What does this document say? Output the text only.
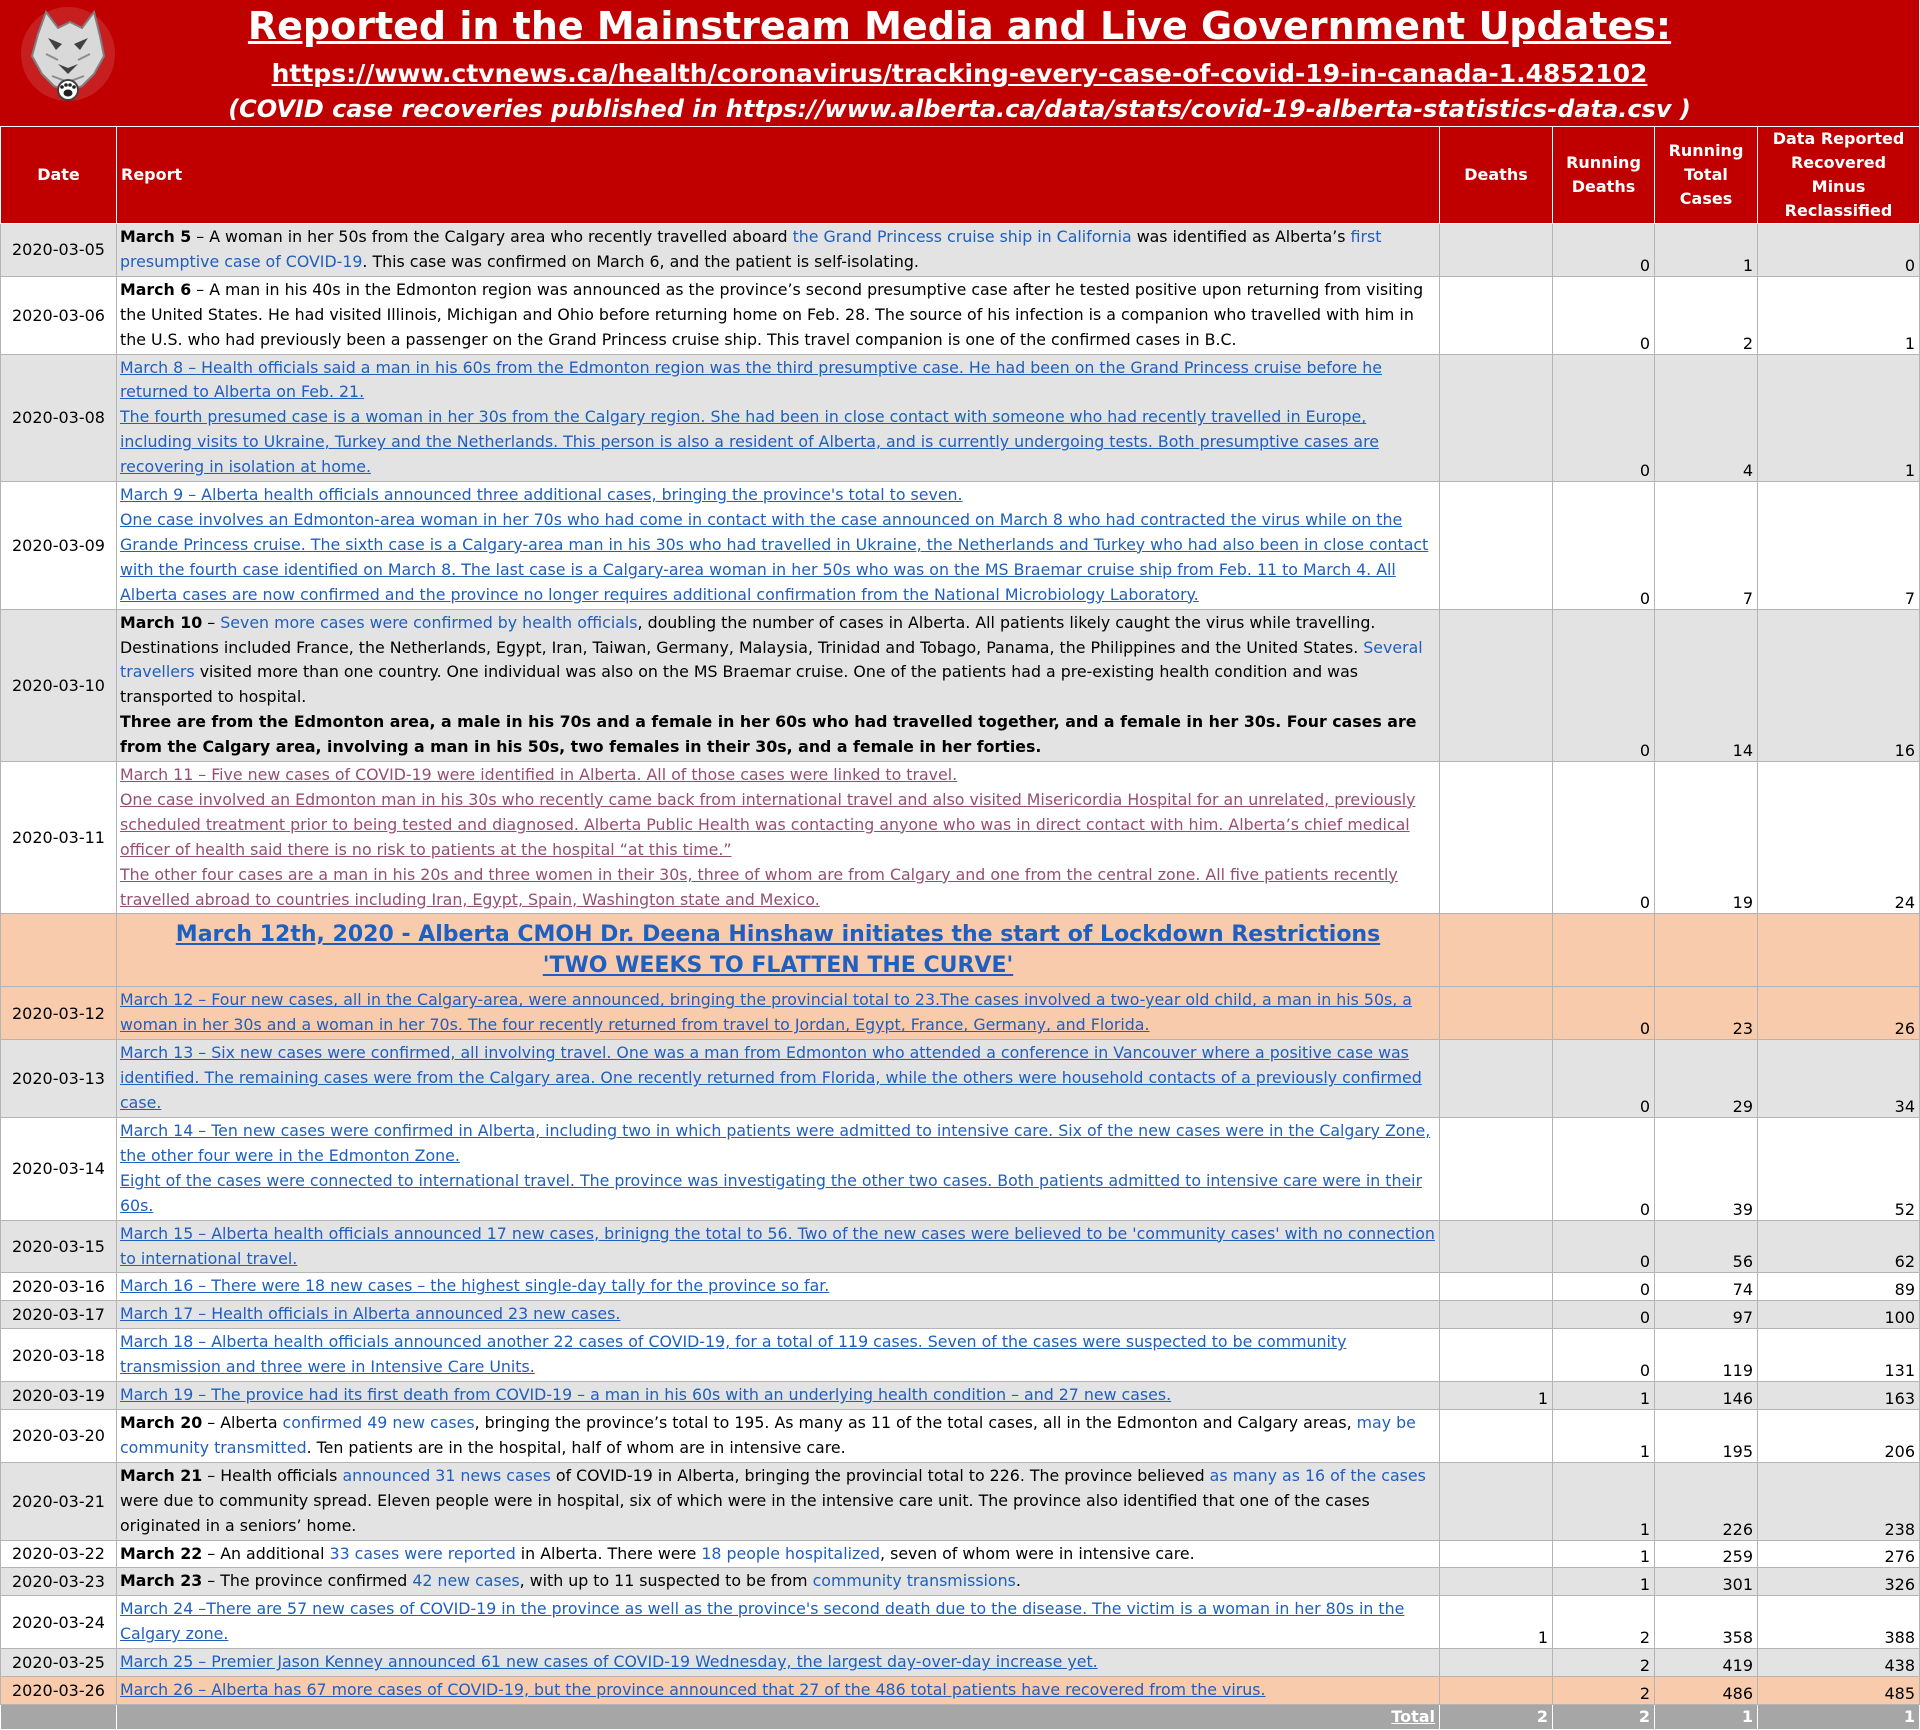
Reported in the Mainstream Media and Live Government Updates:
https://www.ctvnews.ca/health/coronavirus/tracking-every-case-of-covid-19-in-canada-1.4852102
(COVID case recoveries published in https://www.alberta.ca/data/stats/covid-19-alberta-statistics-data.csv )
Date	Report	Deaths	Running Deaths	Running Total Cases	Data Reported Recovered Minus Reclassified
2020-03-05	March 5 – A woman in her 50s from the Calgary area who recently travelled aboard the Grand Princess cruise ship in California was identified as Alberta’s first presumptive case of COVID-19. This case was confirmed on March 6, and the patient is self-isolating.		0	1	0
2020-03-06	March 6 – A man in his 40s in the Edmonton region was announced as the province’s second presumptive case after he tested positive upon returning from visiting the United States. He had visited Illinois, Michigan and Ohio before returning home on Feb. 28. The source of his infection is a companion who travelled with him in the U.S. who had previously been a passenger on the Grand Princess cruise ship. This travel companion is one of the confirmed cases in B.C.		0	2	1
2020-03-08	March 8 – Health officials said a man in his 60s from the Edmonton region was the third presumptive case. He had been on the Grand Princess cruise before he returned to Alberta on Feb. 21.
The fourth presumed case is a woman in her 30s from the Calgary region. She had been in close contact with someone who had recently travelled in Europe, including visits to Ukraine, Turkey and the Netherlands. This person is also a resident of Alberta, and is currently undergoing tests. Both presumptive cases are recovering in isolation at home.		0	4	1
2020-03-09	March 9 – Alberta health officials announced three additional cases, bringing the province's total to seven.
One case involves an Edmonton-area woman in her 70s who had come in contact with the case announced on March 8 who had contracted the virus while on the Grande Princess cruise. The sixth case is a Calgary-area man in his 30s who had travelled in Ukraine, the Netherlands and Turkey who had also been in close contact with the fourth case identified on March 8. The last case is a Calgary-area woman in her 50s who was on the MS Braemar cruise ship from Feb. 11 to March 4. All Alberta cases are now confirmed and the province no longer requires additional confirmation from the National Microbiology Laboratory.		0	7	7
2020-03-10	March 10 – Seven more cases were confirmed by health officials, doubling the number of cases in Alberta. All patients likely caught the virus while travelling. Destinations included France, the Netherlands, Egypt, Iran, Taiwan, Germany, Malaysia, Trinidad and Tobago, Panama, the Philippines and the United States. Several travellers visited more than one country. One individual was also on the MS Braemar cruise. One of the patients had a pre-existing health condition and was transported to hospital.
Three are from the Edmonton area, a male in his 70s and a female in her 60s who had travelled together, and a female in her 30s. Four cases are from the Calgary area, involving a man in his 50s, two females in their 30s, and a female in her forties.		0	14	16
2020-03-11	March 11 – Five new cases of COVID-19 were identified in Alberta. All of those cases were linked to travel.
One case involved an Edmonton man in his 30s who recently came back from international travel and also visited Misericordia Hospital for an unrelated, previously scheduled treatment prior to being tested and diagnosed. Alberta Public Health was contacting anyone who was in direct contact with him. Alberta’s chief medical officer of health said there is no risk to patients at the hospital “at this time.”
The other four cases are a man in his 20s and three women in their 30s, three of whom are from Calgary and one from the central zone. All five patients recently travelled abroad to countries including Iran, Egypt, Spain, Washington state and Mexico.		0	19	24

	March 12th, 2020 - Alberta CMOH Dr. Deena Hinshaw initiates the start of Lockdown Restrictions
'TWO WEEKS TO FLATTEN THE CURVE'				

2020-03-12	March 12 – Four new cases, all in the Calgary-area, were announced, bringing the provincial total to 23.The cases involved a two-year old child, a man in his 50s, a woman in her 30s and a woman in her 70s. The four recently returned from travel to Jordan, Egypt, France, Germany, and Florida.		0	23	26
2020-03-13	March 13 – Six new cases were confirmed, all involving travel. One was a man from Edmonton who attended a conference in Vancouver where a positive case was identified. The remaining cases were from the Calgary area. One recently returned from Florida, while the others were household contacts of a previously confirmed case.		0	29	34
2020-03-14	March 14 – Ten new cases were confirmed in Alberta, including two in which patients were admitted to intensive care. Six of the new cases were in the Calgary Zone, the other four were in the Edmonton Zone.
Eight of the cases were connected to international travel. The province was investigating the other two cases. Both patients admitted to intensive care were in their 60s.		0	39	52
2020-03-15	March 15 – Alberta health officials announced 17 new cases, brinigng the total to 56. Two of the new cases were believed to be 'community cases' with no connection to international travel.		0	56	62
2020-03-16	March 16 – There were 18 new cases – the highest single-day tally for the province so far.		0	74	89
2020-03-17	March 17 – Health officials in Alberta announced 23 new cases.		0	97	100
2020-03-18	March 18 – Alberta health officials announced another 22 cases of COVID-19, for a total of 119 cases. Seven of the cases were suspected to be community transmission and three were in Intensive Care Units.		0	119	131
2020-03-19	March 19 – The provice had its first death from COVID-19 – a man in his 60s with an underlying health condition – and 27 new cases.	1	1	146	163
2020-03-20	March 20 – Alberta confirmed 49 new cases, bringing the province’s total to 195. As many as 11 of the total cases, all in the Edmonton and Calgary areas, may be community transmitted. Ten patients are in the hospital, half of whom are in intensive care.		1	195	206
2020-03-21	March 21 – Health officials announced 31 news cases of COVID-19 in Alberta, bringing the provincial total to 226. The province believed as many as 16 of the cases were due to community spread. Eleven people were in hospital, six of which were in the intensive care unit. The province also identified that one of the cases originated in a seniors’ home.		1	226	238
2020-03-22	March 22 – An additional 33 cases were reported in Alberta. There were 18 people hospitalized, seven of whom were in intensive care.		1	259	276
2020-03-23	March 23 – The province confirmed 42 new cases, with up to 11 suspected to be from community transmissions.		1	301	326
2020-03-24	March 24 –There are 57 new cases of COVID-19 in the province as well as the province's second death due to the disease. The victim is a woman in her 80s in the Calgary zone.	1	2	358	388
2020-03-25	March 25 – Premier Jason Kenney announced 61 new cases of COVID-19 Wednesday, the largest day-over-day increase yet.		2	419	438
2020-03-26	March 26 – Alberta has 67 more cases of COVID-19, but the province announced that 27 of the 486 total patients have recovered from the virus.		2	486	485
	Total	2	2	1	1
